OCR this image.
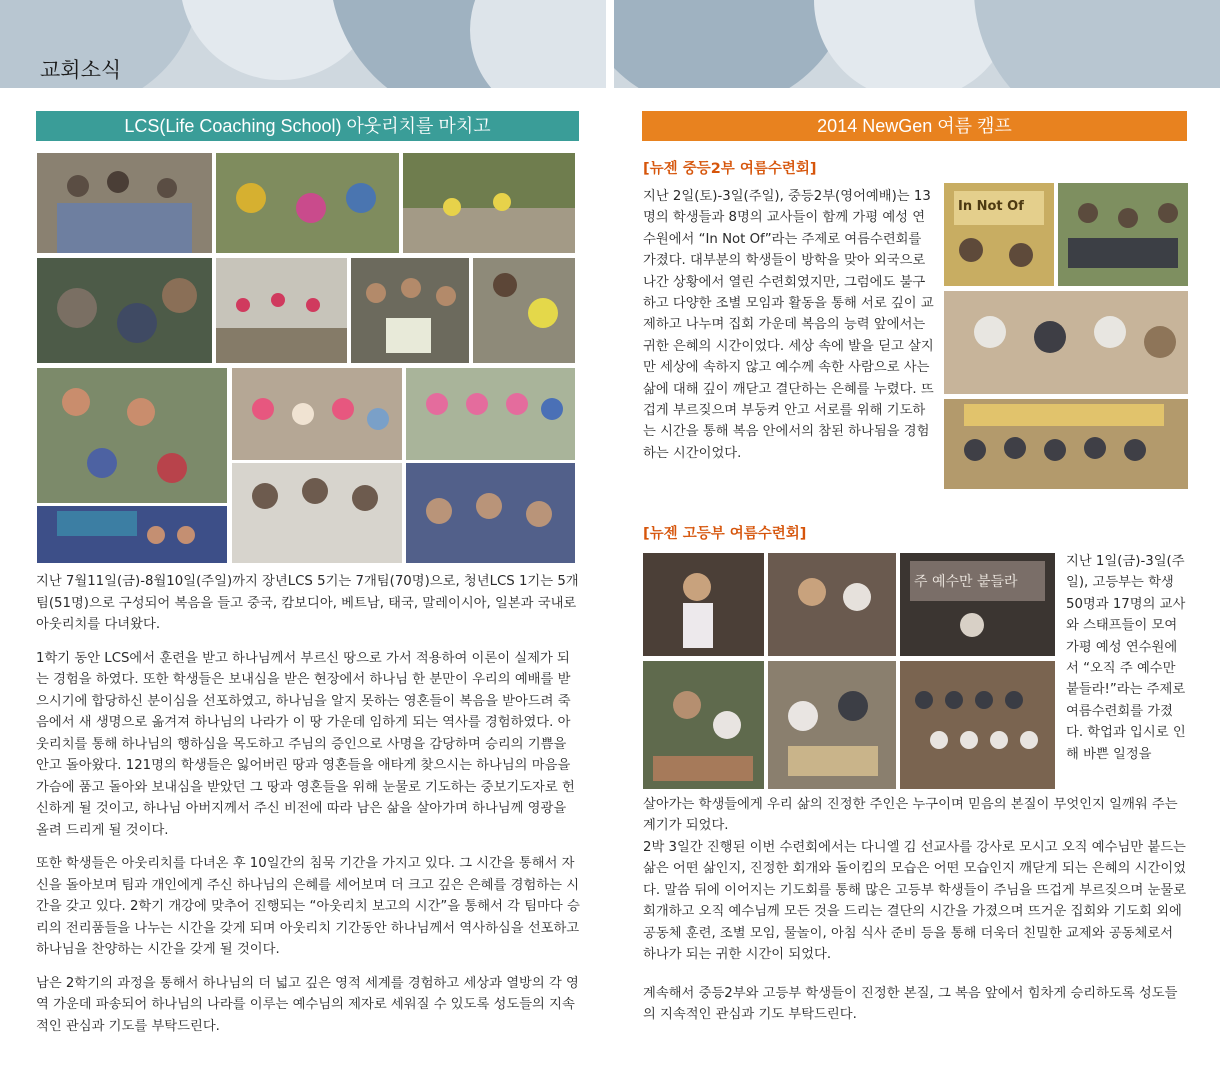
교회소식
LCS(Life Coaching School) 아웃리치를 마치고

지난 7월11일(금)-8월10일(주일)까지 장년LCS 5기는 7개팀(70명)으로, 청년LCS 1기는 5개팀(51명)으로 구성되어 복음을 들고 중국, 캄보디아, 베트남, 태국, 말레이시아, 일본과 국내로 아웃리치를 다녀왔다.

1학기 동안 LCS에서 훈련을 받고 하나님께서 부르신 땅으로 가서 적용하여 이론이 실제가 되는 경험을 하였다. 또한 학생들은 보내심을 받은 현장에서 하나님 한 분만이 우리의 예배를 받으시기에 합당하신 분이심을 선포하였고, 하나님을 알지 못하는 영혼들이 복음을 받아드려 죽음에서 새 생명으로 옮겨져 하나님의 나라가 이 땅 가운데 임하게 되는 역사를 경험하였다. 아웃리치를 통해 하나님의 행하심을 목도하고 주님의 증인으로 사명을 감당하며 승리의 기쁨을 안고 돌아왔다. 121명의 학생들은 잃어버린 땅과 영혼들을 애타게 찾으시는 하나님의 마음을 가슴에 품고 돌아와 보내심을 받았던 그 땅과 영혼들을 위해 눈물로 기도하는 중보기도자로 헌신하게 될 것이고, 하나님 아버지께서 주신 비전에 따라 남은 삶을 살아가며 하나님께 영광을 올려 드리게 될 것이다.

또한 학생들은 아웃리치를 다녀온 후 10일간의 침묵 기간을 가지고 있다. 그 시간을 통해서 자신을 돌아보며 팀과 개인에게 주신 하나님의 은혜를 세어보며 더 크고 깊은 은혜를 경험하는 시간을 갖고 있다. 2학기 개강에 맞추어 진행되는 “아웃리치 보고의 시간”을 통해서 각 팀마다 승리의 전리품들을 나누는 시간을 갖게 되며 아웃리치 기간동안 하나님께서 역사하심을 선포하고 하나님을 찬양하는 시간을 갖게 될 것이다.

남은 2학기의 과정을 통해서 하나님의 더 넓고 깊은 영적 세계를 경험하고 세상과 열방의 각 영역 가운데 파송되어 하나님의 나라를 이루는 예수님의 제자로 세워질 수 있도록 성도들의 지속적인 관심과 기도를 부탁드린다.

2014 NewGen 여름 캠프
[뉴젠 중등2부 여름수련회]
지난 2일(토)-3일(주일), 중등2부(영어예배)는 13명의 학생들과 8명의 교사들이 함께 가평 예성 연수원에서 “In Not Of”라는 주제로 여름수련회를 가졌다. 대부분의 학생들이 방학을 맞아 외국으로 나간 상황에서 열린 수련회였지만, 그럼에도 불구하고 다양한 조별 모임과 활동을 통해 서로 깊이 교제하고 나누며 집회 가운데 복음의 능력 앞에서는 귀한 은혜의 시간이었다. 세상 속에 발을 딛고 살지만 세상에 속하지 않고 예수께 속한 사람으로 사는 삶에 대해 깊이 깨닫고 결단하는 은혜를 누렸다. 뜨겁게 부르짖으며 부둥켜 안고 서로를 위해 기도하는 시간을 통해 복음 안에서의 참된 하나됨을 경험하는 시간이었다.
In Not Of
[뉴젠 고등부 여름수련회]
주 예수만 붙들라
지난 1일(금)-3일(주일), 고등부는 학생 50명과 17명의 교사와 스태프들이 모여 가평 예성 연수원에서 “오직 주 예수만 붙들라!”라는 주제로 여름수련회를 가졌다. 학업과 입시로 인해 바쁜 일정을
살아가는 학생들에게 우리 삶의 진정한 주인은 누구이며 믿음의 본질이 무엇인지 일깨워 주는 계기가 되었다.
2박 3일간 진행된 이번 수련회에서는 다니엘 김 선교사를 강사로 모시고 오직 예수님만 붙드는 삶은 어떤 삶인지, 진정한 회개와 돌이킴의 모습은 어떤 모습인지 깨닫게 되는 은혜의 시간이었다. 말씀 뒤에 이어지는 기도회를 통해 많은 고등부 학생들이 주님을 뜨겁게 부르짖으며 눈물로 회개하고 오직 예수님께 모든 것을 드리는 결단의 시간을 가졌으며 뜨거운 집회와 기도회 외에 공동체 훈련, 조별 모임, 물놀이, 아침 식사 준비 등을 통해 더욱더 친밀한 교제와 공동체로서 하나가 되는 귀한 시간이 되었다.
계속해서 중등2부와 고등부 학생들이 진정한 본질, 그 복음 앞에서 힘차게 승리하도록 성도들의 지속적인 관심과 기도 부탁드린다.
